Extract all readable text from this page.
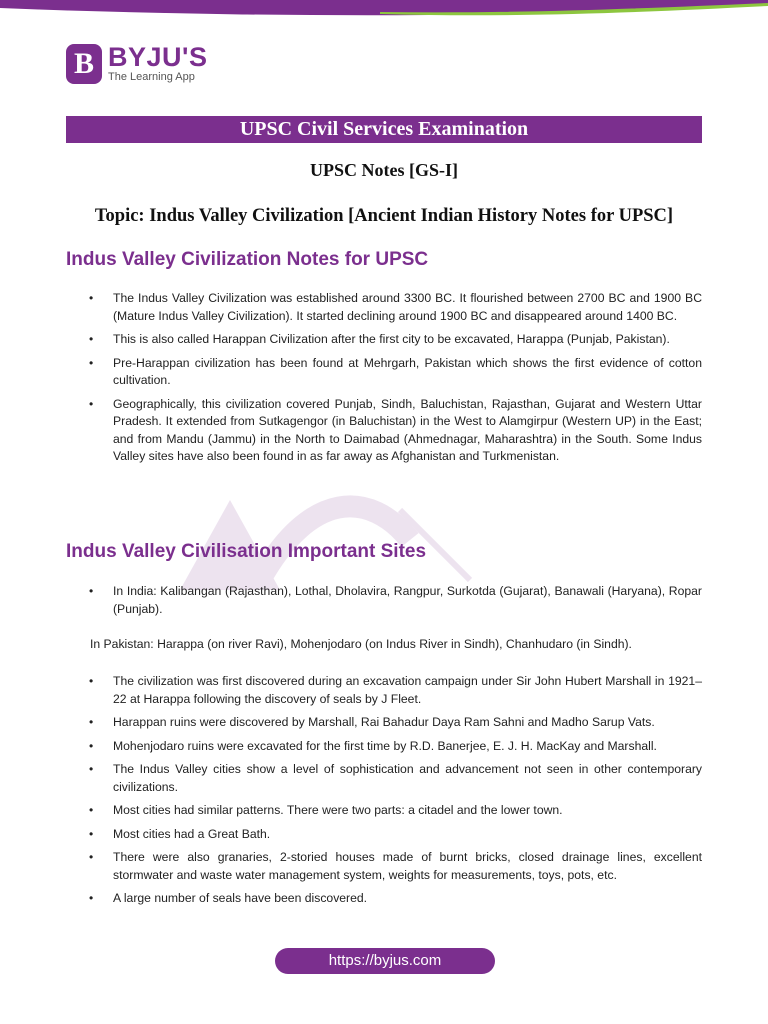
B BYJU'S
The Learning App
UPSC Civil Services Examination
UPSC Notes [GS-I]
Topic: Indus Valley Civilization [Ancient Indian History Notes for UPSC]
Indus Valley Civilization Notes for UPSC
• The Indus Valley Civilization was established around 3300 BC. It flourished between 2700 BC and 1900 BC (Mature Indus Valley Civilization). It started declining around 1900 BC and disappeared around 1400 BC.
• This is also called Harappan Civilization after the first city to be excavated, Harappa (Punjab, Pakistan).
• Pre-Harappan civilization has been found at Mehrgarh, Pakistan which shows the first evidence of cotton cultivation.
• Geographically, this civilization covered Punjab, Sindh, Baluchistan, Rajasthan, Gujarat and Western Uttar Pradesh. It extended from Sutkagengor (in Baluchistan) in the West to Alamgirpur (Western UP) in the East; and from Mandu (Jammu) in the North to Daimabad (Ahmednagar, Maharashtra) in the South. Some Indus Valley sites have also been found in as far away as Afghanistan and Turkmenistan.
Indus Valley Civilisation Important Sites
• In India: Kalibangan (Rajasthan), Lothal, Dholavira, Rangpur, Surkotda (Gujarat), Banawali (Haryana), Ropar (Punjab).
In Pakistan: Harappa (on river Ravi), Mohenjodaro (on Indus River in Sindh), Chanhudaro (in Sindh).
• The civilization was first discovered during an excavation campaign under Sir John Hubert Marshall in 1921–22 at Harappa following the discovery of seals by J Fleet.
• Harappan ruins were discovered by Marshall, Rai Bahadur Daya Ram Sahni and Madho Sarup Vats.
• Mohenjodaro ruins were excavated for the first time by R.D. Banerjee, E. J. H. MacKay and Marshall.
• The Indus Valley cities show a level of sophistication and advancement not seen in other contemporary civilizations.
• Most cities had similar patterns. There were two parts: a citadel and the lower town.
• Most cities had a Great Bath.
• There were also granaries, 2-storied houses made of burnt bricks, closed drainage lines, excellent stormwater and waste water management system, weights for measurements, toys, pots, etc.
• A large number of seals have been discovered.
https://byjus.com
